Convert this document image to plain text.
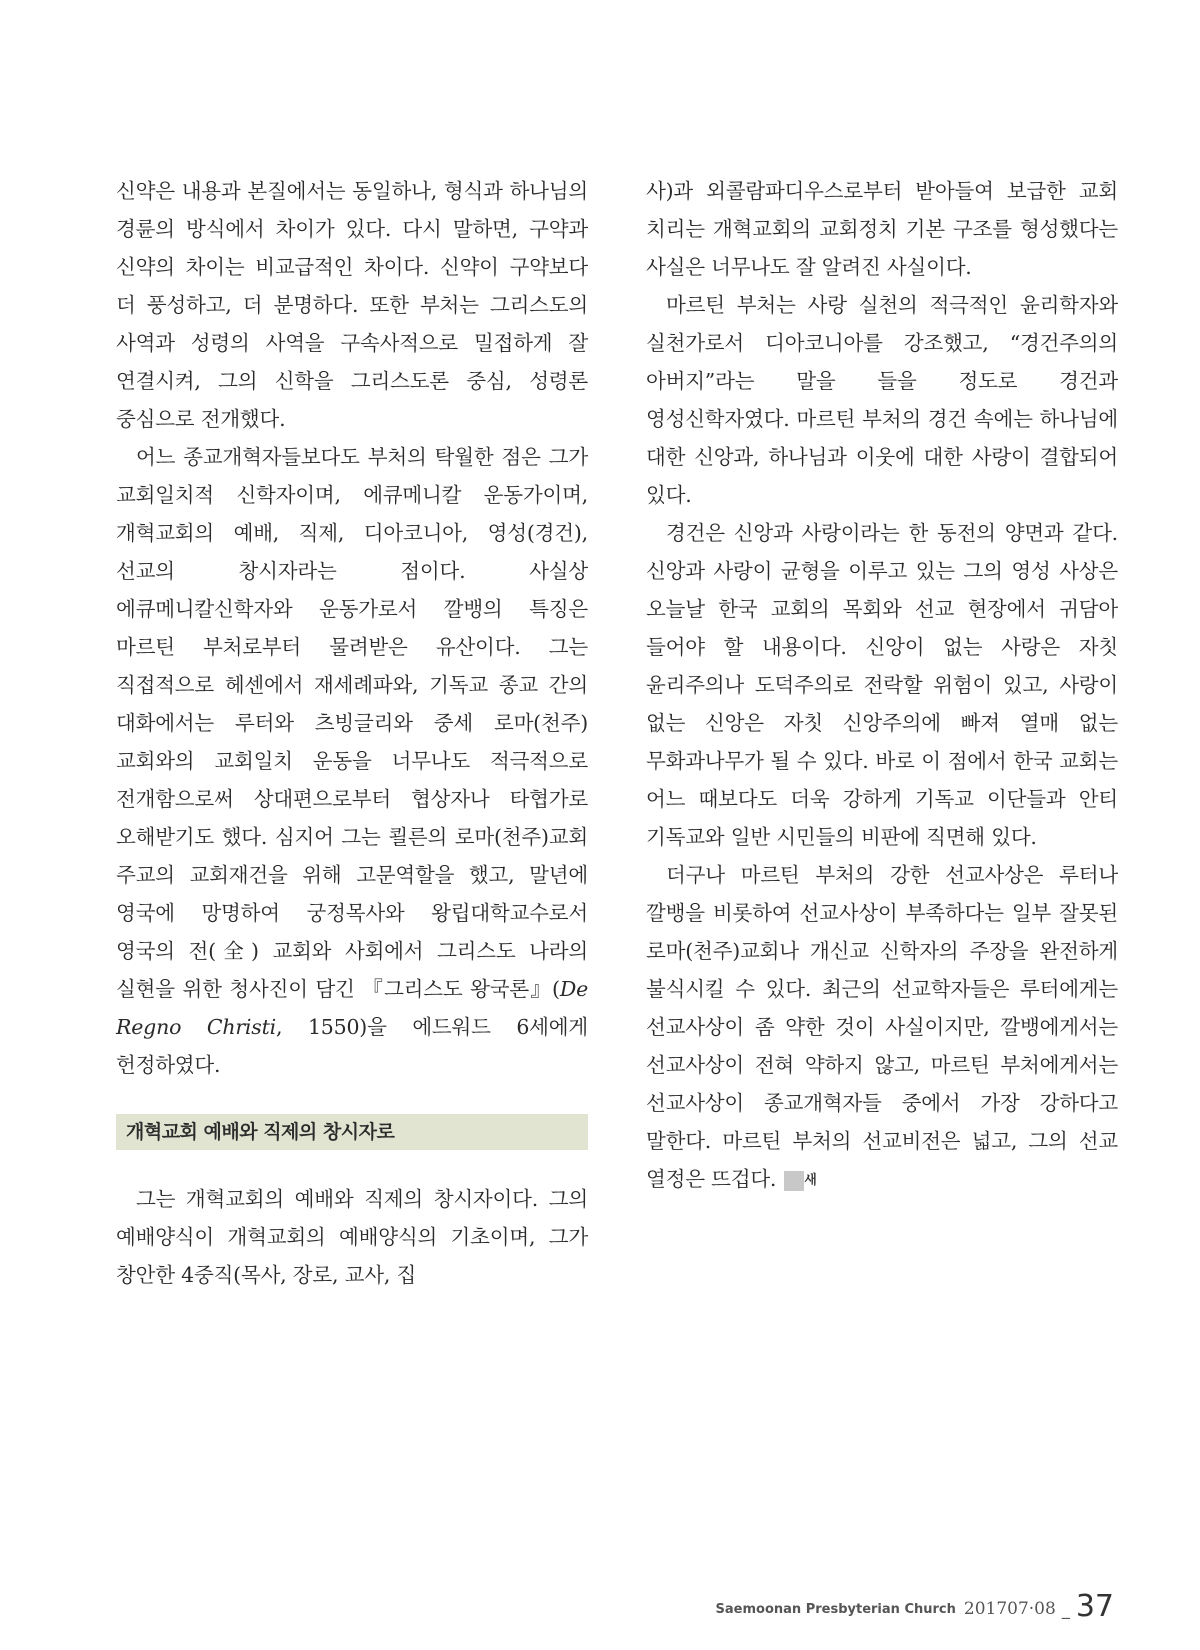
신약은 내용과 본질에서는 동일하나, 형식과 하나님의 경륜의 방식에서 차이가 있다. 다시 말하면, 구약과 신약의 차이는 비교급적인 차이다. 신약이 구약보다 더 풍성하고, 더 분명하다. 또한 부처는 그리스도의 사역과 성령의 사역을 구속사적으로 밀접하게 잘 연결시켜, 그의 신학을 그리스도론 중심, 성령론 중심으로 전개했다.

어느 종교개혁자들보다도 부처의 탁월한 점은 그가 교회일치적 신학자이며, 에큐메니칼 운동가이며, 개혁교회의 예배, 직제, 디아코니아, 영성(경건), 선교의 창시자라는 점이다. 사실상 에큐메니칼신학자와 운동가로서 깔뱅의 특징은 마르틴 부처로부터 물려받은 유산이다. 그는 직접적으로 헤센에서 재세례파와, 기독교 종교 간의 대화에서는 루터와 츠빙글리와 중세 로마(천주)교회와의 교회일치 운동을 너무나도 적극적으로 전개함으로써 상대편으로부터 협상자나 타협가로 오해받기도 했다. 심지어 그는 쾰른의 로마(천주)교회 주교의 교회재건을 위해 고문역할을 했고, 말년에 영국에 망명하여 궁정목사와 왕립대학교수로서 영국의 전(全) 교회와 사회에서 그리스도 나라의 실현을 위한 청사진이 담긴 『그리스도 왕국론』(De Regno Christi, 1550)을 에드워드 6세에게 헌정하였다.

개혁교회 예배와 직제의 창시자로

그는 개혁교회의 예배와 직제의 창시자이다. 그의 예배양식이 개혁교회의 예배양식의 기초이며, 그가 창안한 4중직(목사, 장로, 교사, 집

사)과 외콜람파디우스로부터 받아들여 보급한 교회 치리는 개혁교회의 교회정치 기본 구조를 형성했다는 사실은 너무나도 잘 알려진 사실이다.

마르틴 부처는 사랑 실천의 적극적인 윤리학자와 실천가로서 디아코니아를 강조했고, “경건주의의 아버지”라는 말을 들을 정도로 경건과 영성신학자였다. 마르틴 부처의 경건 속에는 하나님에 대한 신앙과, 하나님과 이웃에 대한 사랑이 결합되어 있다.

경건은 신앙과 사랑이라는 한 동전의 양면과 같다. 신앙과 사랑이 균형을 이루고 있는 그의 영성 사상은 오늘날 한국 교회의 목회와 선교 현장에서 귀담아 들어야 할 내용이다. 신앙이 없는 사랑은 자칫 윤리주의나 도덕주의로 전락할 위험이 있고, 사랑이 없는 신앙은 자칫 신앙주의에 빠져 열매 없는 무화과나무가 될 수 있다. 바로 이 점에서 한국 교회는 어느 때보다도 더욱 강하게 기독교 이단들과 안티 기독교와 일반 시민들의 비판에 직면해 있다.

더구나 마르틴 부처의 강한 선교사상은 루터나 깔뱅을 비롯하여 선교사상이 부족하다는 일부 잘못된 로마(천주)교회나 개신교 신학자의 주장을 완전하게 불식시킬 수 있다. 최근의 선교학자들은 루터에게는 선교사상이 좀 약한 것이 사실이지만, 깔뱅에게서는 선교사상이 전혀 약하지 않고, 마르틴 부처에게서는 선교사상이 종교개혁자들 중에서 가장 강하다고 말한다. 마르틴 부처의 선교비전은 넓고, 그의 선교 열정은 뜨겁다. 새

Saemoonan Presbyterian Church 201707·08 _ 37
